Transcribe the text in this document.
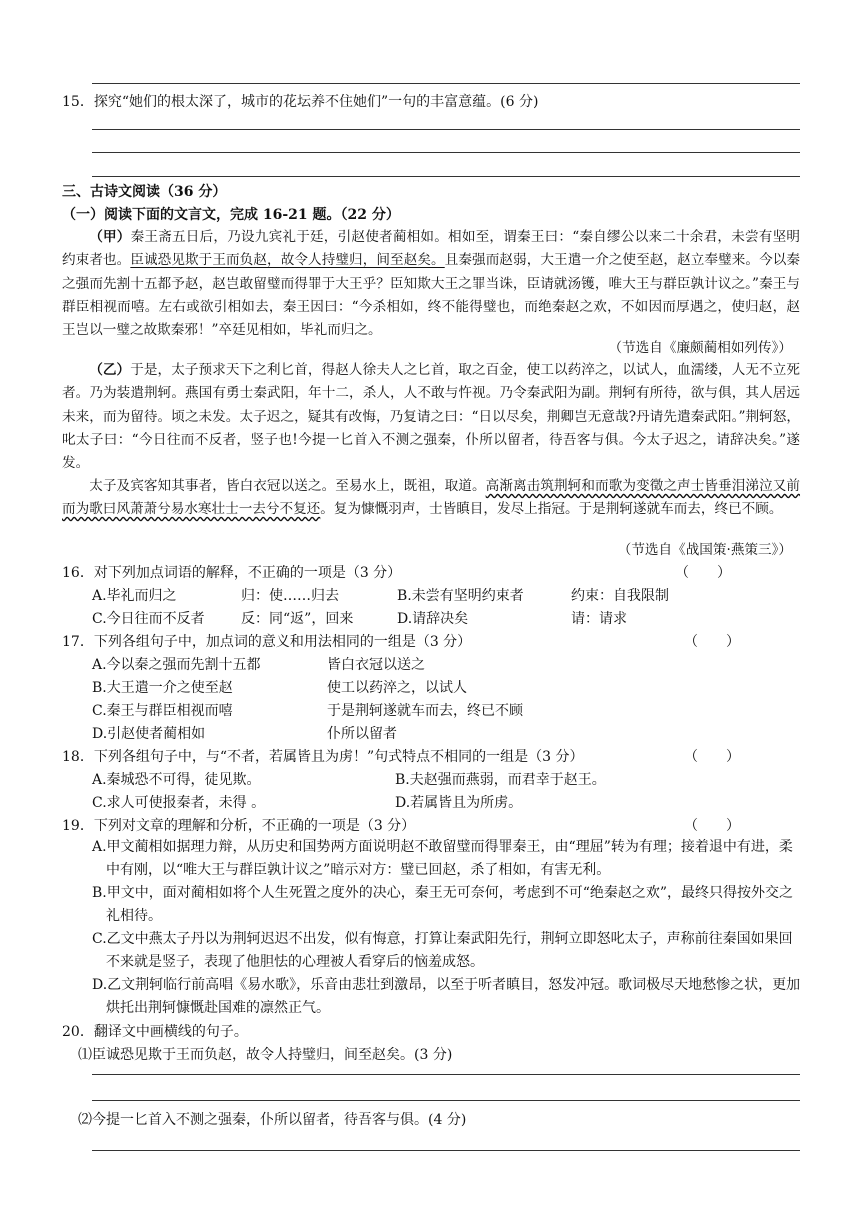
15．探究“她们的根太深了，城市的花坛养不住她们”一句的丰富意蕴。(6 分)
三、古诗文阅读（36 分）
（一）阅读下面的文言文，完成 16-21 题。（22 分）
（甲）秦王斋五日后，乃设九宾礼于廷，引赵使者蔺相如。相如至，谓秦王曰：“秦自缪公以来二十余君，未尝有坚明约束者也。臣诚恐见欺于王而负赵，故令人持璧归，间至赵矣。且秦强而赵弱，大王遣一介之使至赵，赵立奉璧来。今以秦之强而先割十五都予赵，赵岂敢留璧而得罪于大王乎？臣知欺大王之罪当诛，臣请就汤镬，唯大王与群臣孰计议之。”秦王与群臣相视而嘻。左右或欲引相如去，秦王因曰：“今杀相如，终不能得璧也，而绝秦赵之欢，不如因而厚遇之，使归赵，赵王岂以一璧之故欺秦邪！”卒廷见相如，毕礼而归之。
（节选自《廉颇蔺相如列传》）
（乙）于是，太子预求天下之利匕首，得赵人徐夫人之匕首，取之百金，使工以药淬之，以试人，血濡缕，人无不立死者。乃为装遣荆轲。燕国有勇士秦武阳，年十二，杀人，人不敢与忤视。乃令秦武阳为副。荆轲有所待，欲与俱，其人居远未来，而为留待。顷之未发。太子迟之，疑其有改悔，乃复请之曰：“日以尽矣，荆卿岂无意哉?丹请先遣秦武阳。”荆轲怒，叱太子曰：“今日往而不反者，竖子也!今提一匕首入不测之强秦，仆所以留者，待吾客与俱。今太子迟之，请辞决矣。”遂发。
太子及宾客知其事者，皆白衣冠以送之。至易水上，既祖，取道。高渐离击筑荆轲和而歌为变徵之声士皆垂泪涕泣又前而为歌曰风萧萧兮易水寒壮士一去兮不复还。复为慷慨羽声，士皆瞋目，发尽上指冠。于是荆轲遂就车而去，终已不顾。
（节选自《战国策·燕策三》）
16．对下列加点词语的解释，不正确的一项是（3 分）	（　　）
A.毕礼而归之	归：使……归去	B.未尝有坚明约束者	约束：自我限制
C.今日往而不反者	反：同“返”，回来	D.请辞决矣	请：请求
17．下列各组句子中，加点词的意义和用法相同的一组是（3 分）	（　　）
A.今以秦之强而先割十五都	皆白衣冠以送之
B.大王遣一介之使至赵	使工以药淬之，以试人
C.秦王与群臣相视而嘻	于是荆轲遂就车而去，终已不顾
D.引赵使者蔺相如	仆所以留者
18．下列各组句子中，与“不者，若属皆且为虏！”句式特点不相同的一组是（3 分）	（　　）
A.秦城恐不可得，徒见欺。	B.夫赵强而燕弱，而君幸于赵王。
C.求人可使报秦者，未得 。	D.若属皆且为所虏。
19．下列对文章的理解和分析，不正确的一项是（3 分）	（　　）
A.甲文蔺相如据理力辩，从历史和国势两方面说明赵不敢留璧而得罪秦王，由“理屈”转为有理；接着退中有进，柔中有刚，以“唯大王与群臣孰计议之”暗示对方：璧已回赵，杀了相如，有害无利。
B.甲文中，面对蔺相如将个人生死置之度外的决心，秦王无可奈何，考虑到不可“绝秦赵之欢”，最终只得按外交之礼相待。
C.乙文中燕太子丹以为荆轲迟迟不出发，似有悔意，打算让秦武阳先行，荆轲立即怒叱太子，声称前往秦国如果回不来就是竖子，表现了他胆怯的心理被人看穿后的恼羞成怒。
D.乙文荆轲临行前高唱《易水歌》，乐音由悲壮到激昂，以至于听者瞋目，怒发冲冠。歌词极尽天地愁惨之状，更加烘托出荆轲慷慨赴国难的凛然正气。
20．翻译文中画横线的句子。
⑴臣诚恐见欺于王而负赵，故令人持璧归，间至赵矣。(3 分)
⑵今提一匕首入不测之强秦，仆所以留者，待吾客与俱。(4 分)
